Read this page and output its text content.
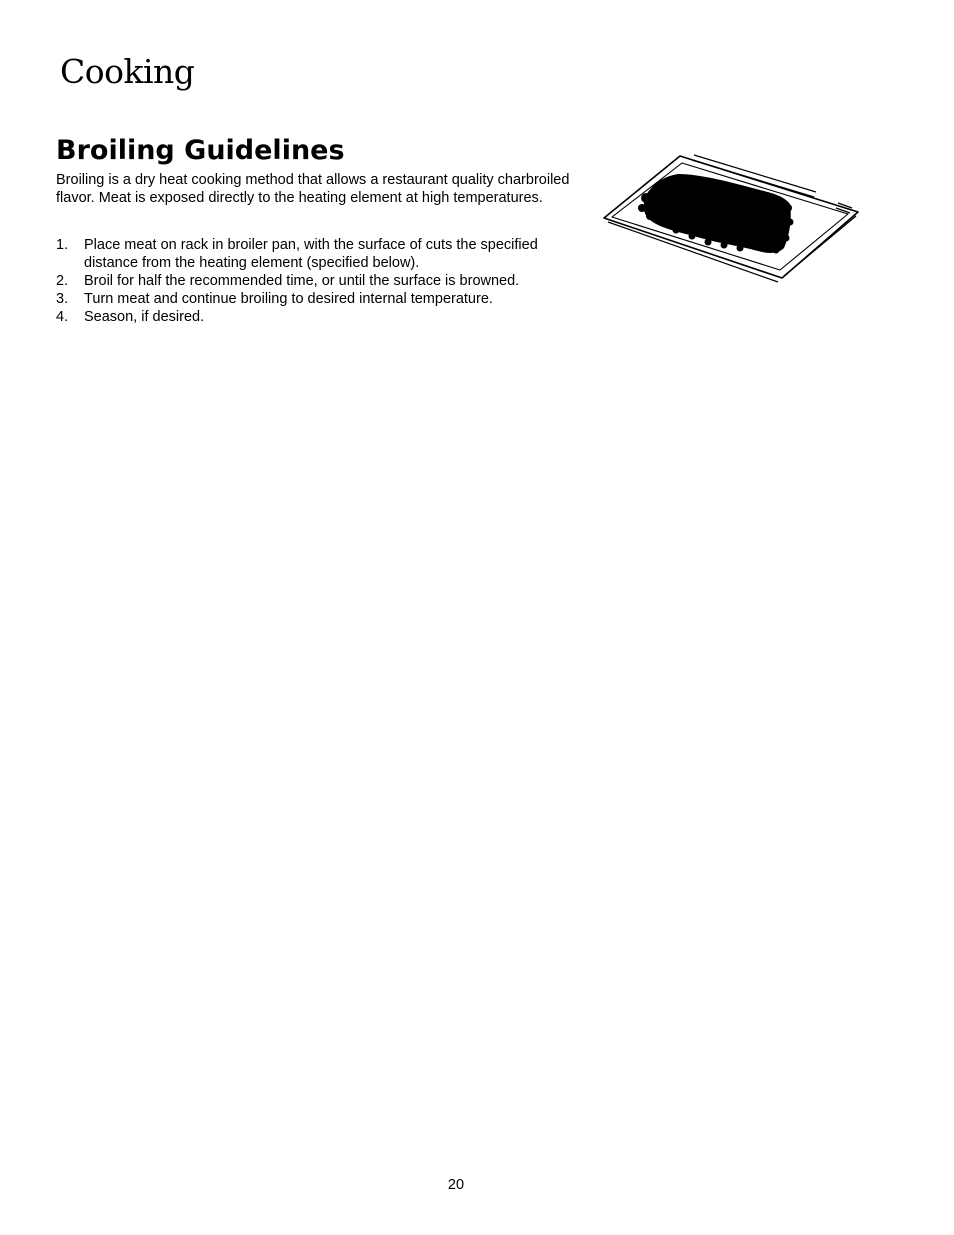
Cooking
Broiling Guidelines

Broiling is a dry heat cooking method that allows a restaurant quality charbroiled flavor. Meat is exposed directly to the heating element at high temperatures.

1.	Place meat on rack in broiler pan, with the surface of cuts the specified distance from the heating element (specified below).
2.	Broil for half the recommended time, or until the surface is browned.
3.	Turn meat and continue broiling to desired internal temperature.
4.	Season, if desired.
20
